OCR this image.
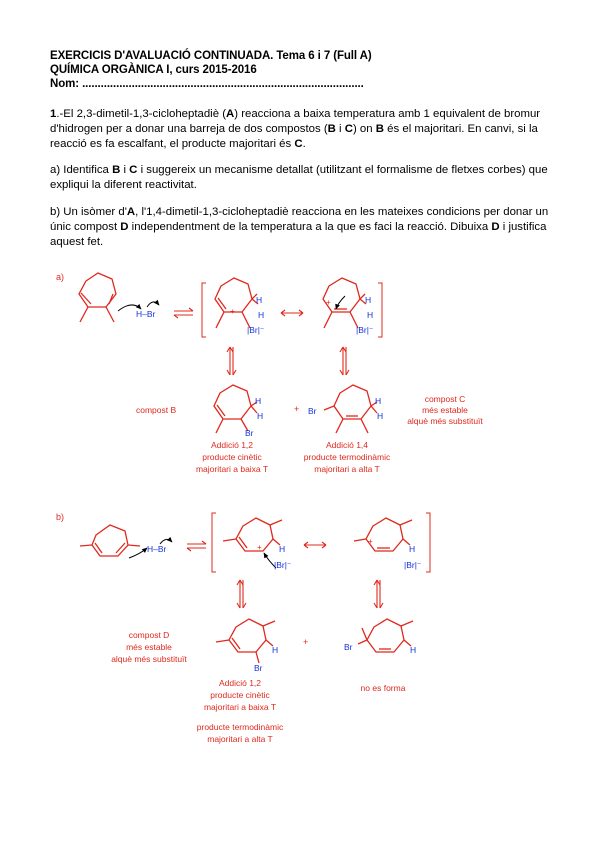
EXERCICIS D'AVALUACIÓ CONTINUADA. Tema 6 i 7 (Full A)
QUÍMICA ORGÀNICA I, curs 2015-2016
Nom: ...........................................................................................
1.-El 2,3-dimetil-1,3-cicloheptadiè (A) reacciona a baixa temperatura amb 1 equivalent de bromur d'hidrogen per a donar una barreja de dos compostos (B i C) on B és el majoritari. En canvi, si la reacció es fa escalfant, el producte majoritari és C.
a) Identifica B i C i suggereix un mecanisme detallat (utilitzant el formalisme de fletxes corbes) que expliqui la diferent reactivitat.
b) Un isòmer d'A, l'1,4-dimetil-1,3-cicloheptadiè reacciona en les mateixes condicions per donar un únic compost D independentment de la temperatura a la que es faci la reacció. Dibuixa D i justifica aquest fet.
a)
H–Br	+
H
H
|Br|⁻
+	H
H
|Br|⁻
compost B
H
H
Br
+ Br
H
H
compost C
més estable
alquè més substituït
Addició 1,2
producte cinètic
majoritari a baixa T
Addició 1,4
producte termodinàmic
majoritari a alta T
b)
H–Br	+ H
|Br|⁻
+
H
|Br|⁻
compost D
més estable
alquè més substituït
H
Br
+	Br	H
Addició 1,2
producte cinètic
majoritari a baixa T
producte termodinàmic
majoritari a alta T
no es forma
